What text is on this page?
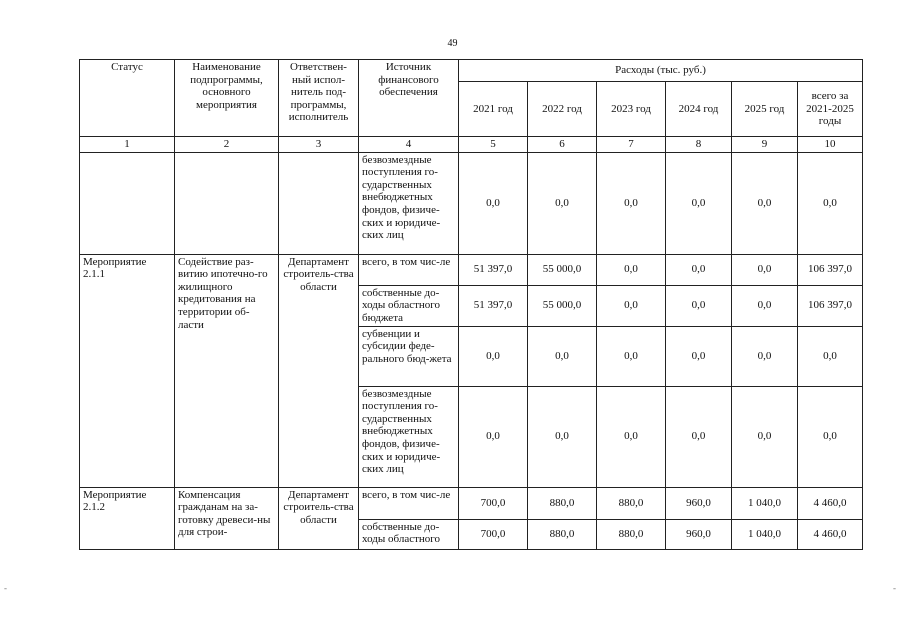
49
Статус	Наименование подпрограммы, основного мероприятия	Ответствен-ный испол-нитель под-программы, исполнитель	Источник финансового обеспечения	Расходы (тыс. руб.)					
				2021 год	2022 год	2023 год	2024 год	2025 год	всего за 2021-2025 годы
1	2	3	4	5	6	7	8	9	10
			безвозмездные поступления го-сударственных внебюджетных фондов, физиче-ских и юридиче-ских лиц	0,0	0,0	0,0	0,0	0,0	0,0
Мероприятие 2.1.1	Содействие раз-витию ипотечно-го жилищного кредитования на территории об-ласти	Департамент строитель-ства области	всего, в том чис-ле	51 397,0	55 000,0	0,0	0,0	0,0	106 397,0
			собственные до-ходы областного бюджета	51 397,0	55 000,0	0,0	0,0	0,0	106 397,0
			субвенции и субсидии феде-рального бюд-жета	0,0	0,0	0,0	0,0	0,0	0,0
			безвозмездные поступления го-сударственных внебюджетных фондов, физиче-ских и юридиче-ских лиц	0,0	0,0	0,0	0,0	0,0	0,0
Мероприятие 2.1.2	Компенсация гражданам на за-готовку древеси-ны для строи-	Департамент строитель-ства области	всего, в том чис-ле	700,0	880,0	880,0	960,0	1 040,0	4 460,0
			собственные до-ходы областного	700,0	880,0	880,0	960,0	1 040,0	4 460,0
-	-
